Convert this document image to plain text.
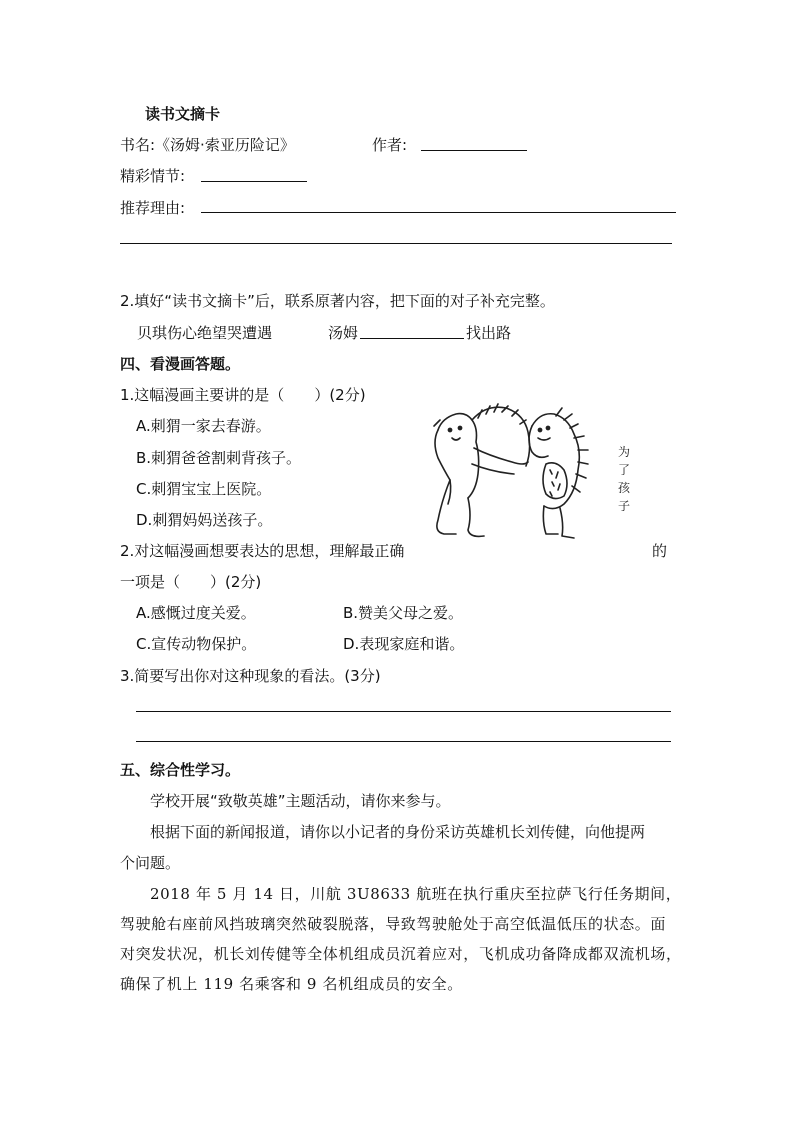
读书文摘卡
书名:《汤姆·索亚历险记》	作者:
精彩情节:
推荐理由:
2.填好“读书文摘卡”后，联系原著内容，把下面的对子补充完整。
贝琪伤心绝望哭遭遇	汤姆	找出路
四、看漫画答题。
1.这幅漫画主要讲的是（　　）(2分)
A.刺猬一家去春游。
B.刺猬爸爸割刺背孩子。
C.刺猬宝宝上医院。
D.刺猬妈妈送孩子。
为
了
孩
子
2.对这幅漫画想要表达的思想，理解最正确	的
一项是（　　）(2分)
A.感慨过度关爱。	B.赞美父母之爱。
C.宣传动物保护。	D.表现家庭和谐。
3.简要写出你对这种现象的看法。(3分)
五、综合性学习。
学校开展“致敬英雄”主题活动，请你来参与。
根据下面的新闻报道，请你以小记者的身份采访英雄机长刘传健，向他提两
个问题。
2018 年 5 月 14 日，川航 3U8633 航班在执行重庆至拉萨飞行任务期间，
驾驶舱右座前风挡玻璃突然破裂脱落，导致驾驶舱处于高空低温低压的状态。面
对突发状况，机长刘传健等全体机组成员沉着应对，飞机成功备降成都双流机场，
确保了机上 119 名乘客和 9 名机组成员的安全。
